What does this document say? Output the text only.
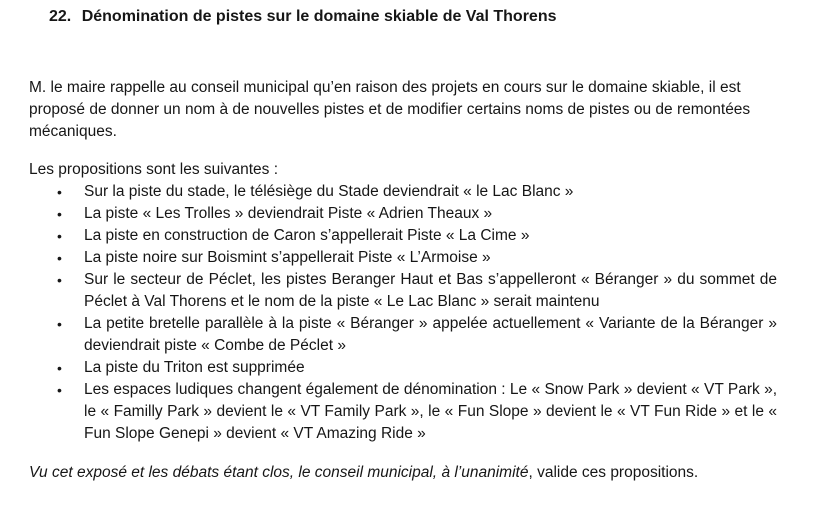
22. Dénomination de pistes sur le domaine skiable de Val Thorens

M. le maire rappelle au conseil municipal qu’en raison des projets en cours sur le domaine skiable, il est
proposé de donner un nom à de nouvelles pistes et de modifier certains noms de pistes ou de remontées
mécaniques.

Les propositions sont les suivantes :

• Sur la piste du stade, le télésiège du Stade deviendrait « le Lac Blanc »
• La piste « Les Trolles » deviendrait Piste « Adrien Theaux »
• La piste en construction de Caron s’appellerait Piste « La Cime »
• La piste noire sur Boismint s’appellerait Piste « L’Armoise »
• Sur le secteur de Péclet, les pistes Beranger Haut et Bas s’appelleront « Béranger » du sommet de Péclet à Val Thorens et le nom de la piste « Le Lac Blanc » serait maintenu
• La petite bretelle parallèle à la piste « Béranger » appelée actuellement « Variante de la Béranger » deviendrait piste « Combe de Péclet »
• La piste du Triton est supprimée
• Les espaces ludiques changent également de dénomination : Le « Snow Park » devient « VT Park », le « Familly Park » devient le « VT Family Park », le « Fun Slope » devient le « VT Fun Ride » et le « Fun Slope Genepi » devient « VT Amazing Ride »

Vu cet exposé et les débats étant clos, le conseil municipal, à l’unanimité, valide ces propositions.
